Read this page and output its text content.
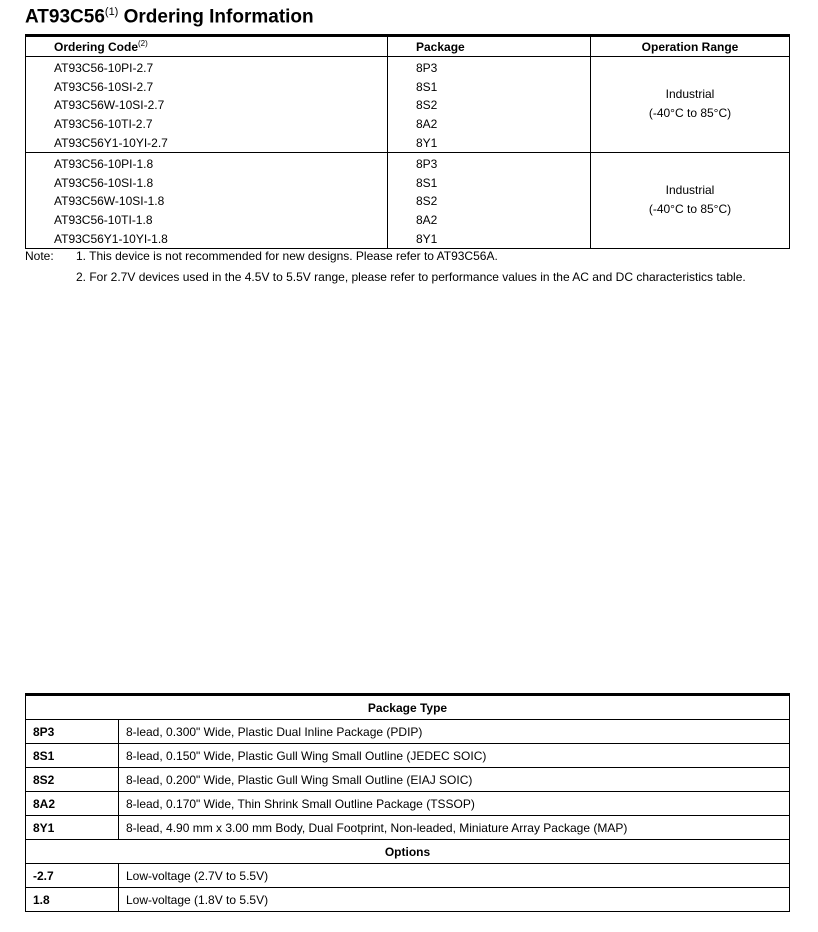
AT93C56$^{(1)}$ Ordering Information
Ordering Code$^{(2)}$	Package	Operation Range
AT93C56-10PI-2.7	8P3	Industrial
(-40°C to 85°C)

AT93C56-10SI-2.7	8S1	
AT93C56W-10SI-2.7	8S2	
AT93C56-10TI-2.7	8A2	
AT93C56Y1-10YI-2.7	8Y1	
AT93C56-10PI-1.8	8P3	Industrial
(-40°C to 85°C)

AT93C56-10SI-1.8	8S1	
AT93C56W-10SI-1.8	8S2	
AT93C56-10TI-1.8	8A2	
AT93C56Y1-10YI-1.8	8Y1	
Note: 1. This device is not recommended for new designs. Please refer to AT93C56A.
2. For 2.7V devices used in the 4.5V to 5.5V range, please refer to performance values in the AC and DC characteristics table.
Package Type	
8P3	8-lead, 0.300" Wide, Plastic Dual Inline Package (PDIP)
8S1	8-lead, 0.150" Wide, Plastic Gull Wing Small Outline (JEDEC SOIC)
8S2	8-lead, 0.200" Wide, Plastic Gull Wing Small Outline (EIAJ SOIC)
8A2	8-lead, 0.170" Wide, Thin Shrink Small Outline Package (TSSOP)
8Y1	8-lead, 4.90 mm x 3.00 mm Body, Dual Footprint, Non-leaded, Miniature Array Package (MAP)
Options	
-2.7	Low-voltage (2.7V to 5.5V)
1.8	Low-voltage (1.8V to 5.5V)
